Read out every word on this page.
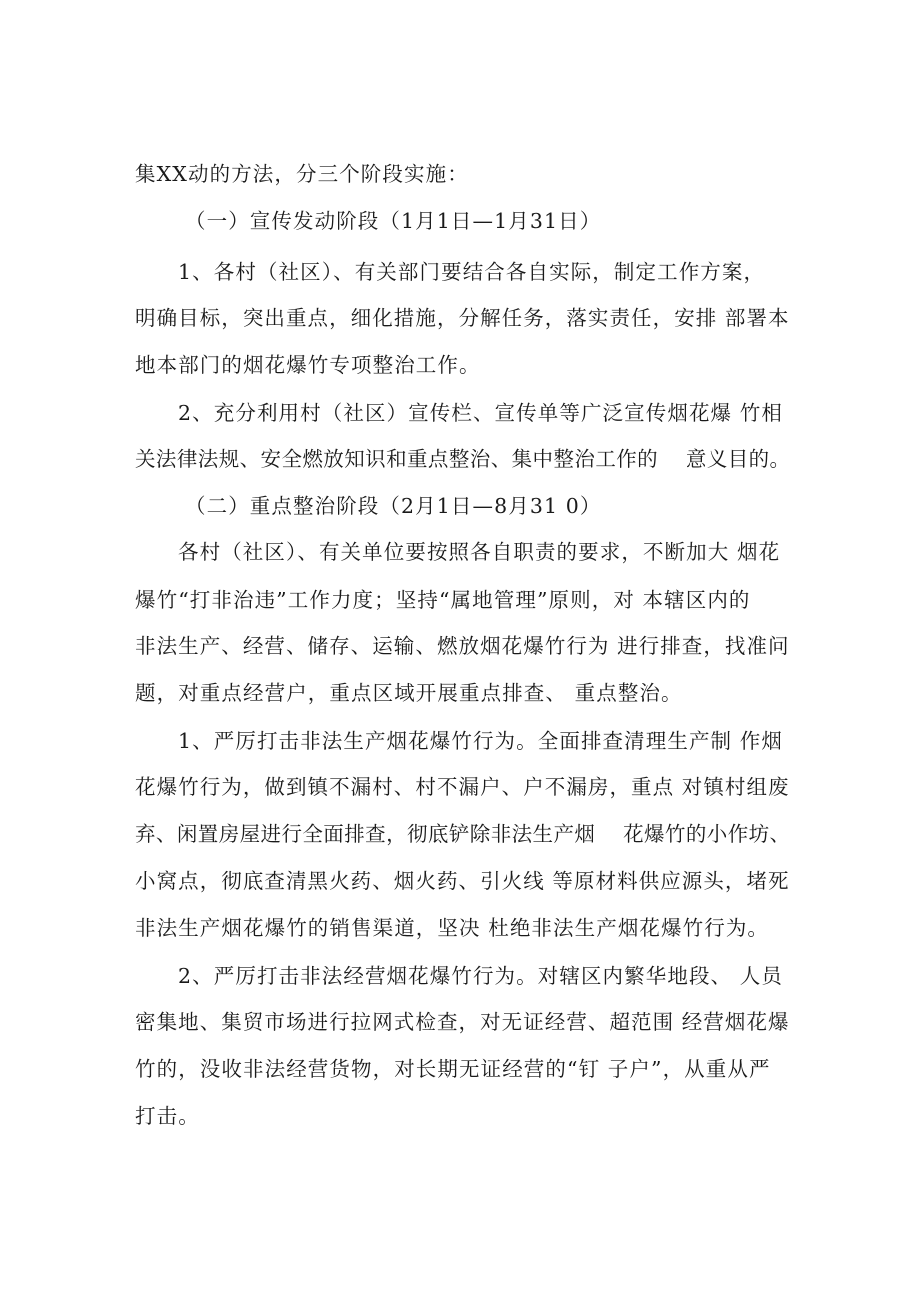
集XX动的方法，分三个阶段实施：
（一）宣传发动阶段（1月1日—1月31日）
1、各村（社区）、有关部门要结合各自实际，制定工作方案，
明确目标，突出重点，细化措施，分解任务，落实责任，安排 部署本
地本部门的烟花爆竹专项整治工作。
2、充分利用村（社区）宣传栏、宣传单等广泛宣传烟花爆 竹相
关法律法规、安全燃放知识和重点整治、集中整治工作的    意义目的。
（二）重点整治阶段（2月1日—8月31 0）
各村（社区）、有关单位要按照各自职责的要求，不断加大 烟花
爆竹“打非治违”工作力度；坚持“属地管理”原则，对 本辖区内的
非法生产、经营、储存、运输、燃放烟花爆竹行为 进行排查，找准问
题，对重点经营户，重点区域开展重点排查、 重点整治。
1、严厉打击非法生产烟花爆竹行为。全面排查清理生产制 作烟
花爆竹行为，做到镇不漏村、村不漏户、户不漏房，重点 对镇村组废
弃、闲置房屋进行全面排查，彻底铲除非法生产烟    花爆竹的小作坊、
小窝点，彻底查清黑火药、烟火药、引火线 等原材料供应源头，堵死
非法生产烟花爆竹的销售渠道，坚决 杜绝非法生产烟花爆竹行为。
2、严厉打击非法经营烟花爆竹行为。对辖区内繁华地段、 人员
密集地、集贸市场进行拉网式检查，对无证经营、超范围 经营烟花爆
竹的，没收非法经营货物，对长期无证经营的“钉 子户”，从重从严
打击。
